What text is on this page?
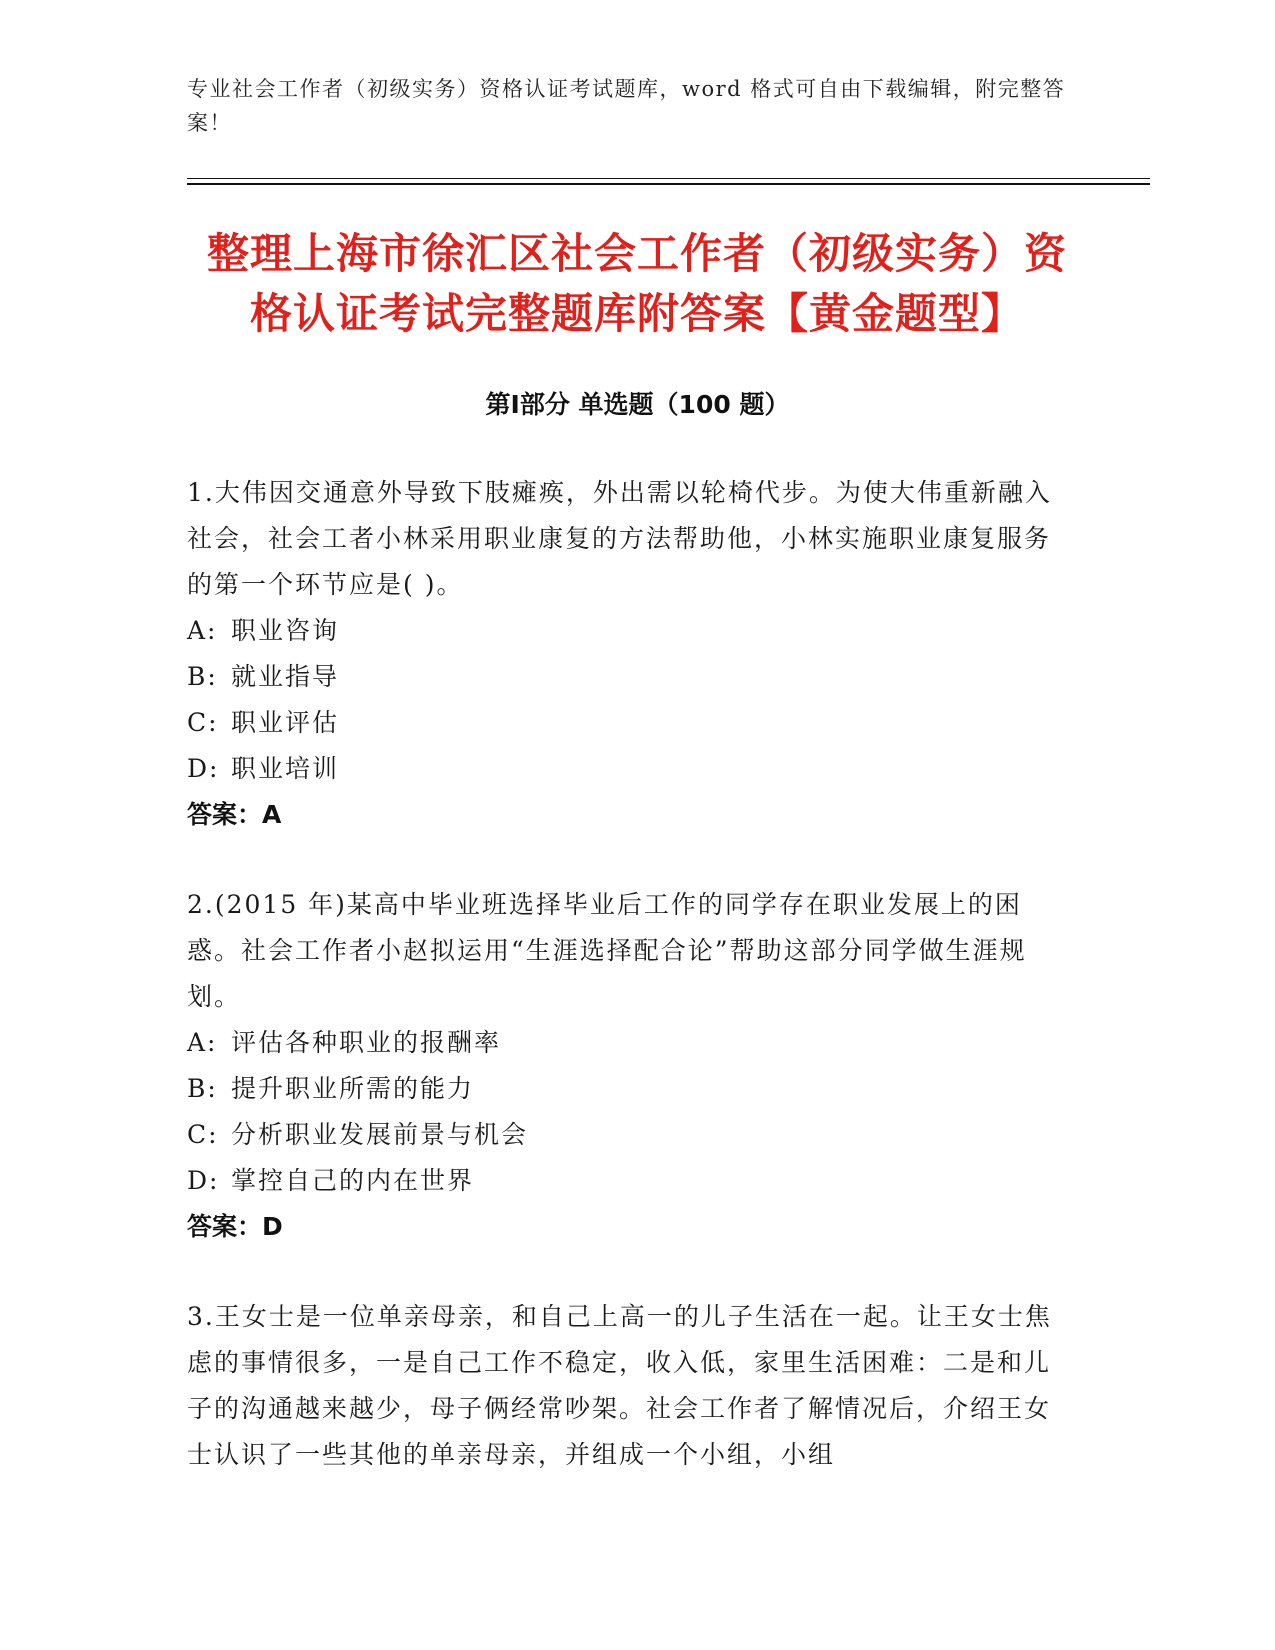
专业社会工作者（初级实务）资格认证考试题库，word 格式可自由下载编辑，附完整答案！
整理上海市徐汇区社会工作者（初级实务）资格认证考试完整题库附答案【黄金题型】
第Ⅰ部分 单选题（100 题）

1.大伟因交通意外导致下肢瘫痪，外出需以轮椅代步。为使大伟重新融入社会，社会工者小林采用职业康复的方法帮助他，小林实施职业康复服务的第一个环节应是( )。

A: 职业咨询
B: 就业指导
C: 职业评估
D: 职业培训
答案：A

2.(2015 年)某高中毕业班选择毕业后工作的同学存在职业发展上的困惑。社会工作者小赵拟运用“生涯选择配合论”帮助这部分同学做生涯规划。

A: 评估各种职业的报酬率
B: 提升职业所需的能力
C: 分析职业发展前景与机会
D: 掌控自己的内在世界
答案：D

3.王女士是一位单亲母亲，和自己上高一的儿子生活在一起。让王女士焦虑的事情很多，一是自己工作不稳定，收入低，家里生活困难：二是和儿子的沟通越来越少，母子俩经常吵架。社会工作者了解情况后，介绍王女士认识了一些其他的单亲母亲，并组成一个小组，小组
